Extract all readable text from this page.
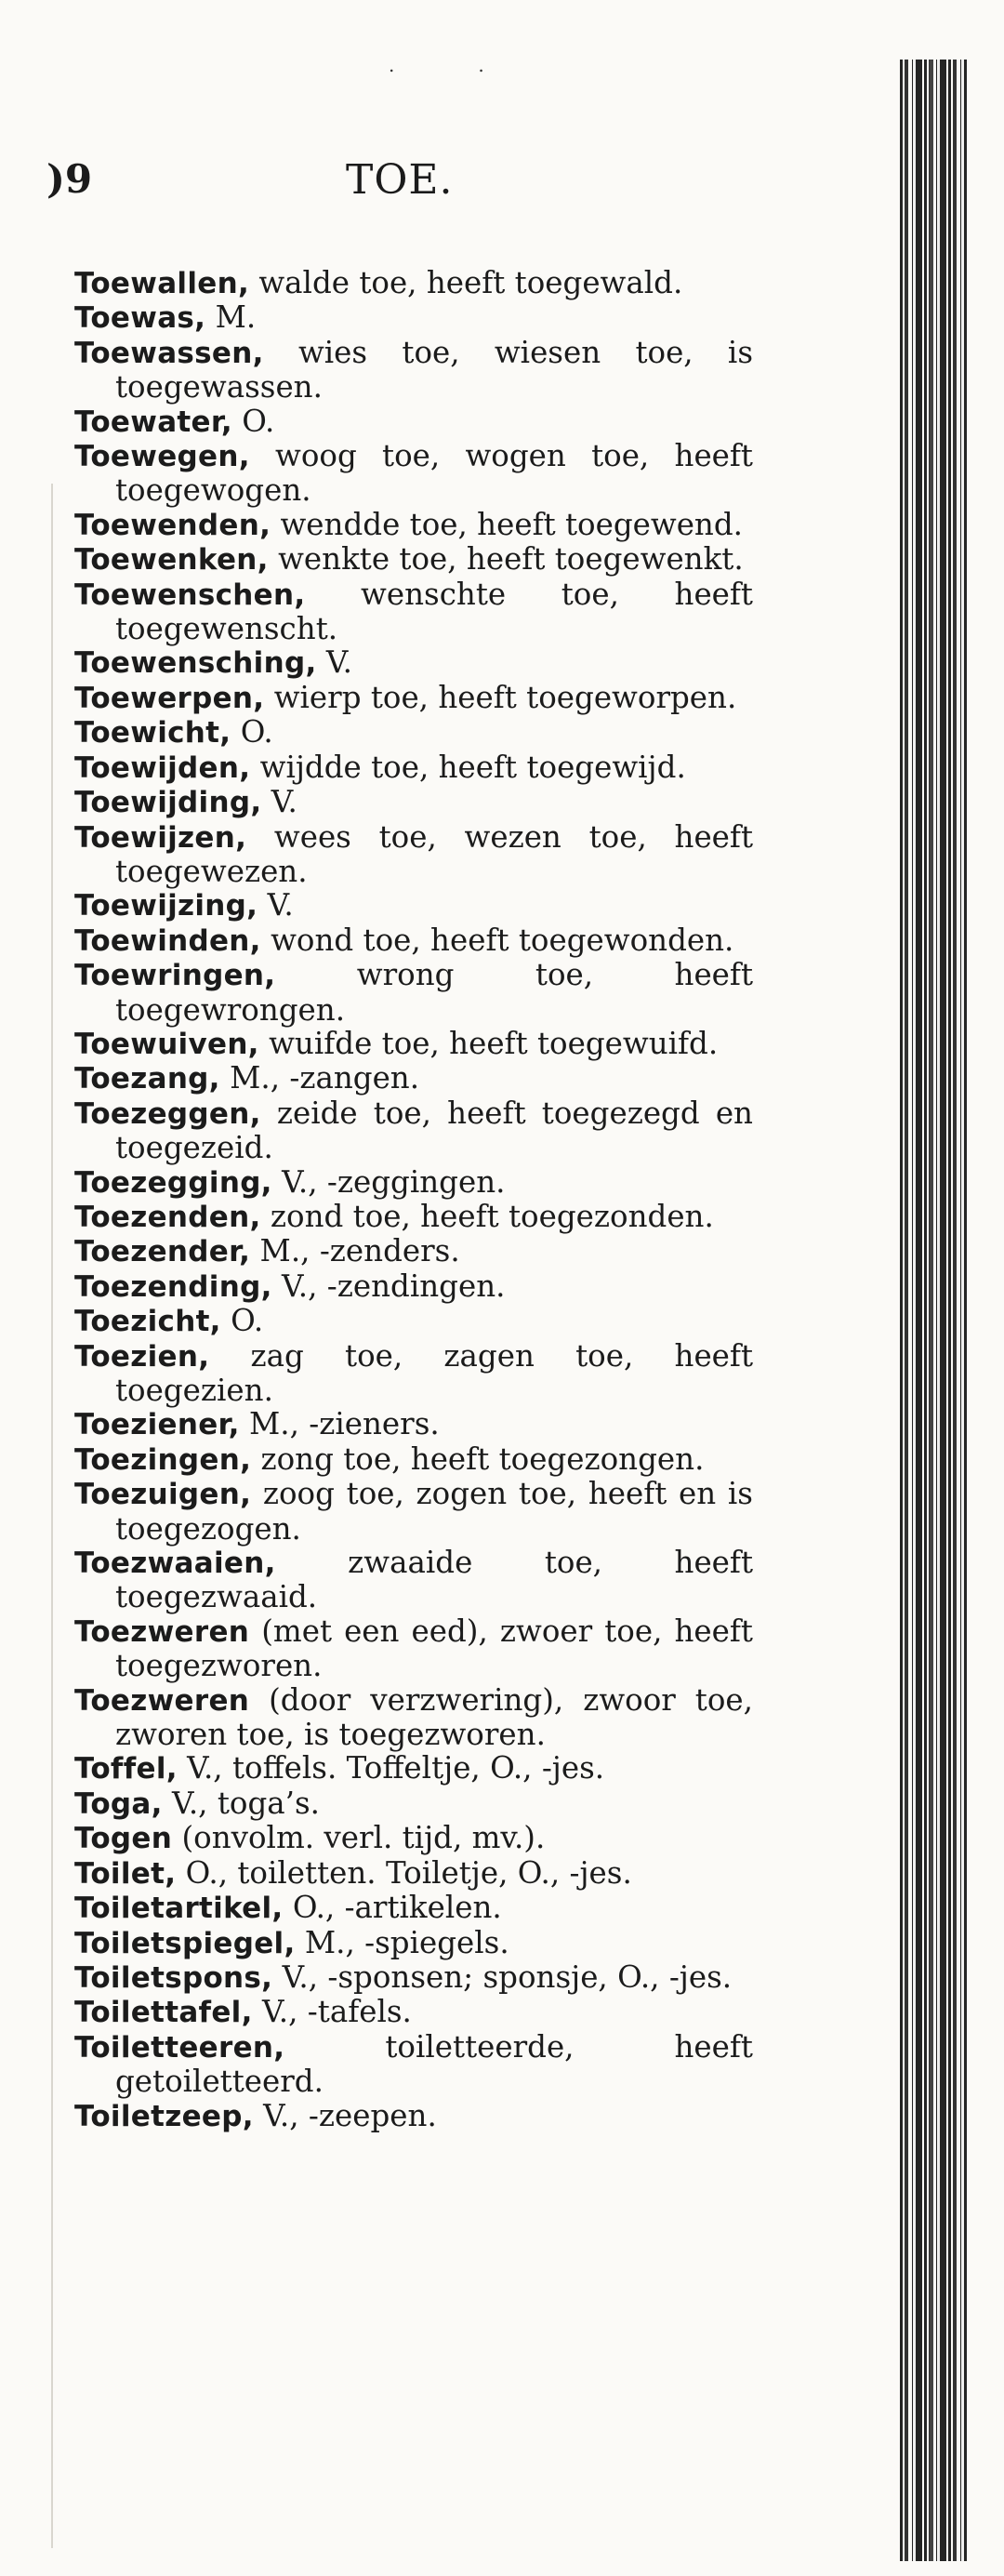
..
)9	TOE.

Toewallen, walde toe, heeft toegewald.

Toewas, M.

Toewassen, wies toe, wiesen toe, is toegewassen.

Toewater, O.

Toewegen, woog toe, wogen toe, heeft toegewogen.

Toewenden, wendde toe, heeft toegewend.

Toewenken, wenkte toe, heeft toegewenkt.

Toewenschen, wenschte toe, heeft toegewenscht.

Toewensching, V.

Toewerpen, wierp toe, heeft toegeworpen.

Toewicht, O.

Toewijden, wijdde toe, heeft toegewijd.

Toewijding, V.

Toewijzen, wees toe, wezen toe, heeft toegewezen.

Toewijzing, V.

Toewinden, wond toe, heeft toegewonden.

Toewringen, wrong toe, heeft toegewrongen.

Toewuiven, wuifde toe, heeft toegewuifd.

Toezang, M., -zangen.

Toezeggen, zeide toe, heeft toegezegd en toegezeid.

Toezegging, V., -zeggingen.

Toezenden, zond toe, heeft toegezonden.

Toezender, M., -zenders.

Toezending, V., -zendingen.

Toezicht, O.

Toezien, zag toe, zagen toe, heeft toegezien.

Toeziener, M., -zieners.

Toezingen, zong toe, heeft toegezongen.

Toezuigen, zoog toe, zogen toe, heeft en is toegezogen.

Toezwaaien, zwaaide toe, heeft toegezwaaid.

Toezweren (met een eed), zwoer toe, heeft toegezworen.

Toezweren (door verzwering), zwoor toe, zworen toe, is toegezworen.

Toffel, V., toffels. Toffeltje, O., -jes.

Toga, V., toga’s.

Togen (onvolm. verl. tijd, mv.).

Toilet, O., toiletten. Toiletje, O., -jes.

Toiletartikel, O., -artikelen.

Toiletspiegel, M., -spiegels.

Toiletspons, V., -sponsen; sponsje, O., -jes.

Toilettafel, V., -tafels.

Toiletteeren, toiletteerde, heeft getoiletteerd.

Toiletzeep, V., -zeepen.
